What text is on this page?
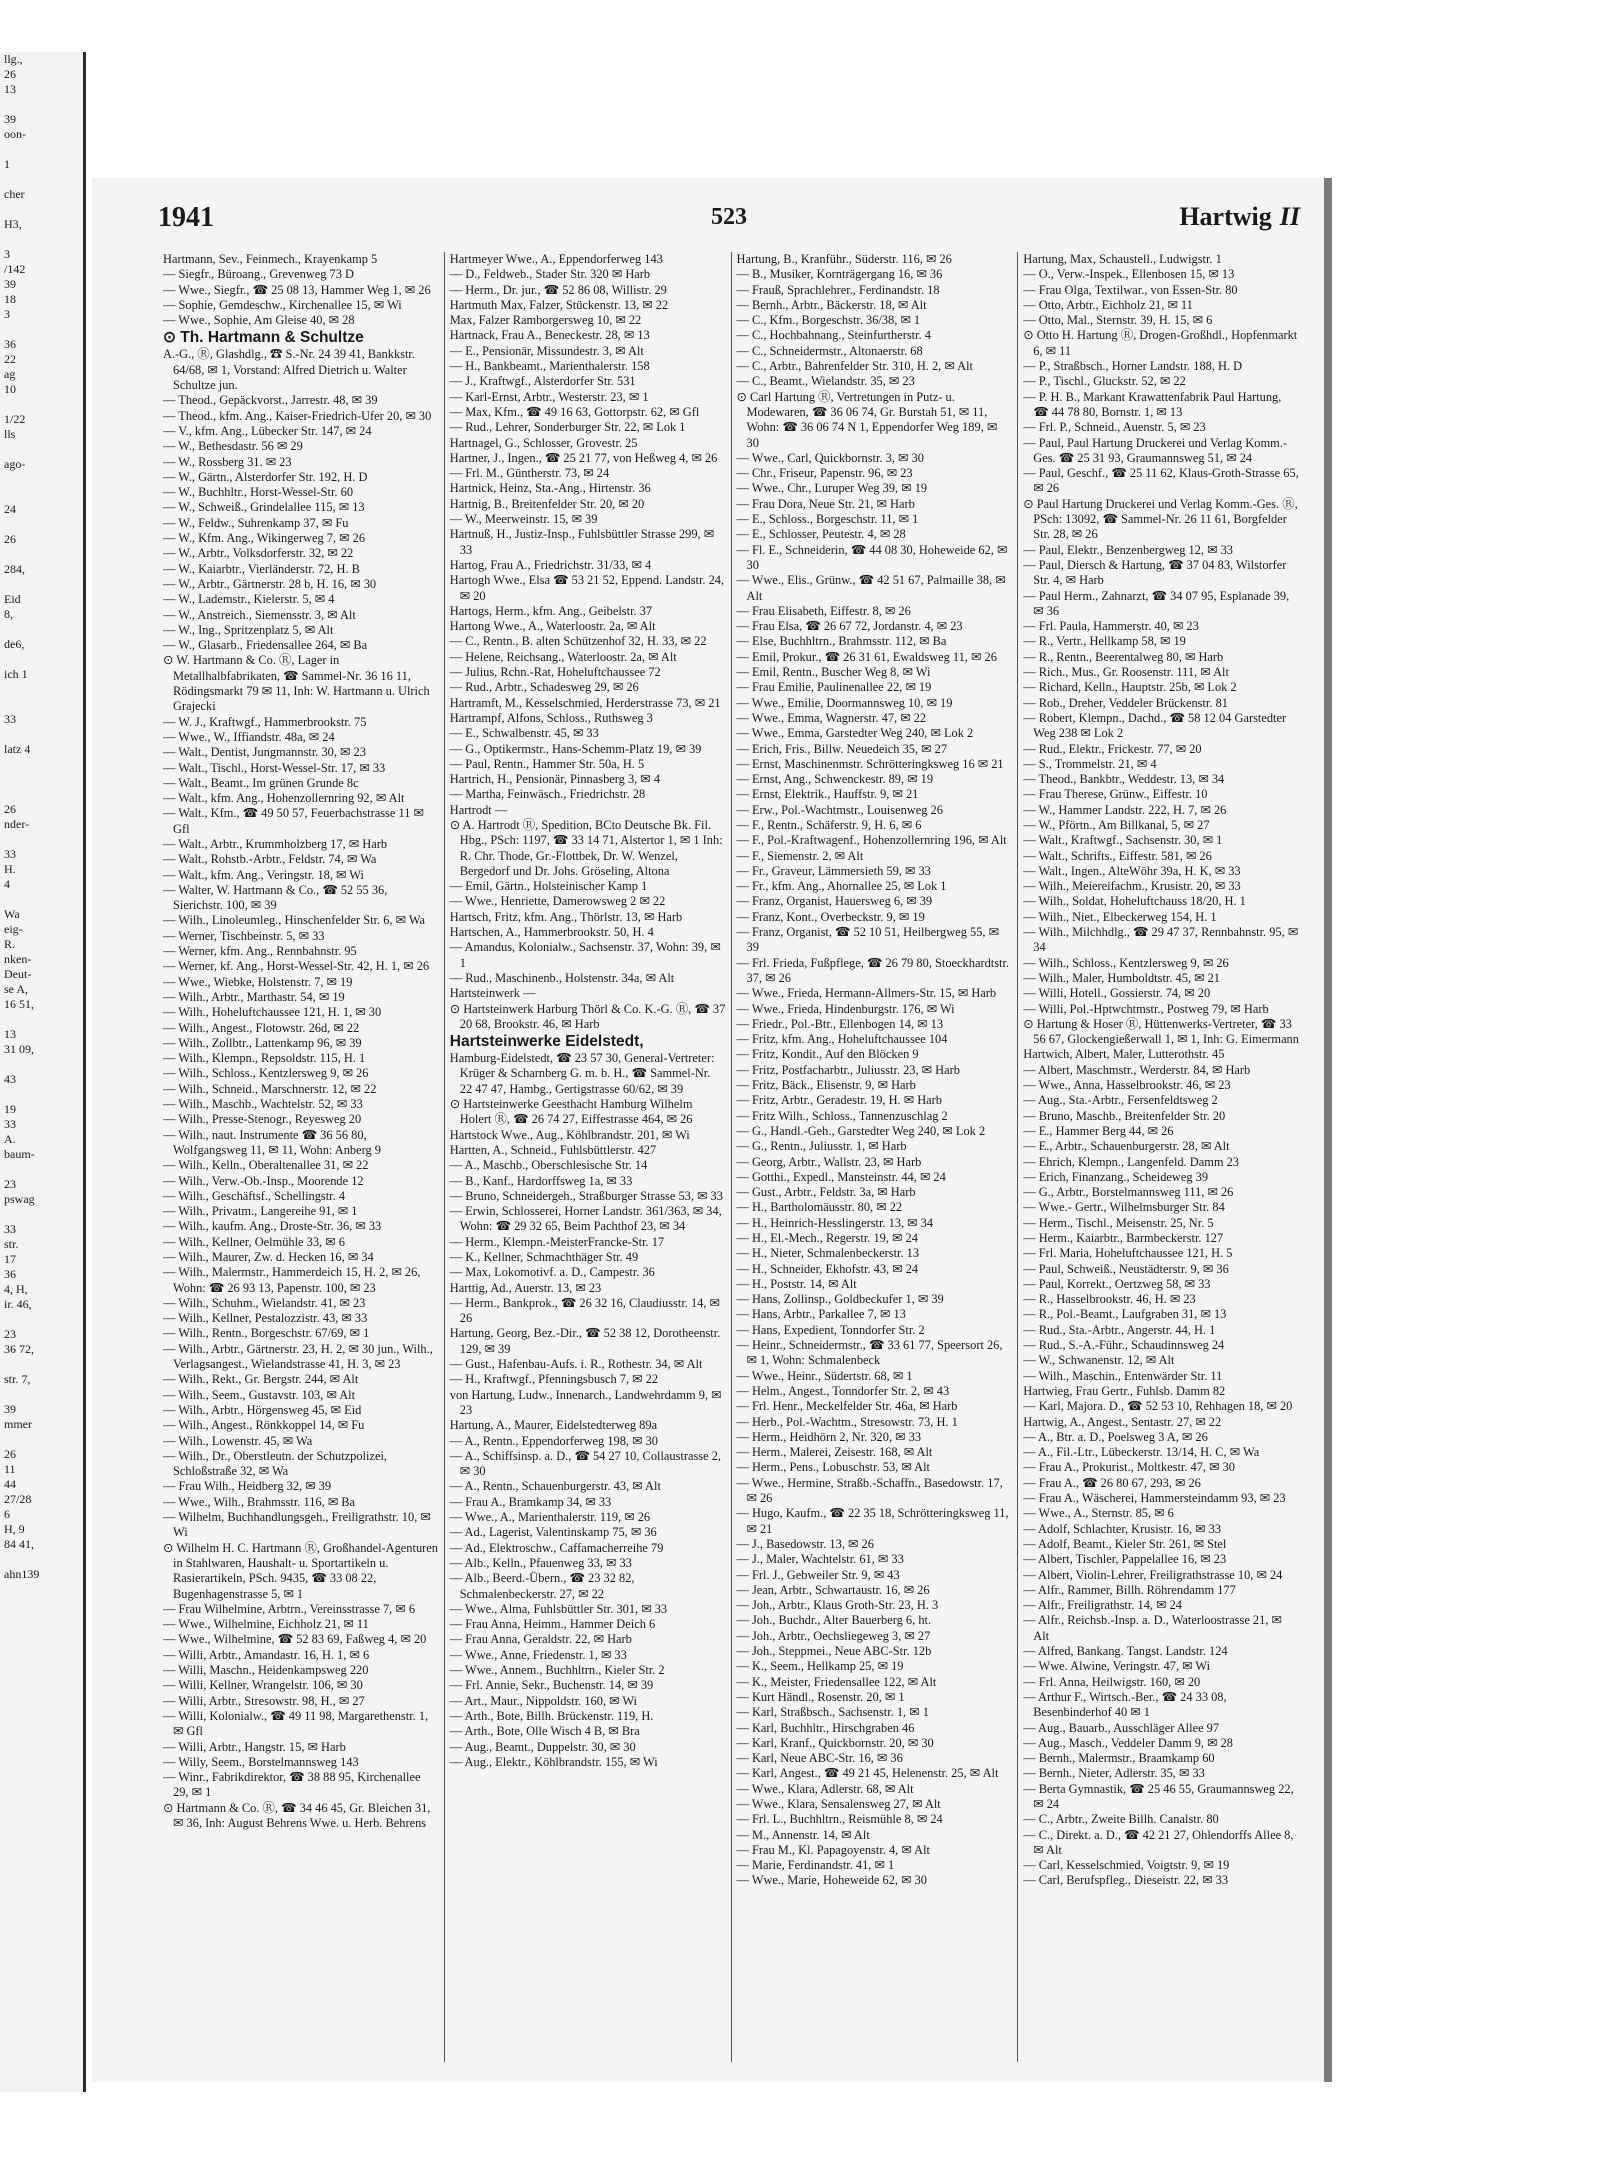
llg.,
26
13

39
oon-

1

cher

H3,

3
/142
39
18
3

36
22
ag
10

1/22
lls

ago-

24

26

284,

Eid
8,

de6,

ich 1

33

latz 4

26
nder-

33
H.
4

Wa
eig-
R.
nken-
Deut-
se A,
16 51,

13
31 09,

43

19
33
A.
baum-

23
pswag

33
str.
17
36
4, H,
ir. 46,

23
36 72,

str. 7,

39
mmer

26
11
44
27/28
6
H, 9
84 41,

ahn139
1941	523	Hartwig II

Hartmann, Sev., Feinmech., Krayenkamp 5

— Siegfr., Büroang., Grevenweg 73 D

— Wwe., Siegfr., ☎ 25 08 13, Hammer Weg 1, ✉ 26

— Sophie, Gemdeschw., Kirchenallee 15, ✉ Wi

— Wwe., Sophie, Am Gleise 40, ✉ 28

⊙ Th. Hartmann & Schultze

A.-G., Ⓡ, Glashdlg., ☎ S.-Nr. 24 39 41, Bankkstr. 64/68, ✉ 1, Vorstand: Alfred Dietrich u. Walter Schultze jun.

— Theod., Gepäckvorst., Jarrestr. 48, ✉ 39

— Theod., kfm. Ang., Kaiser-Friedrich-Ufer 20, ✉ 30

— V., kfm. Ang., Lübecker Str. 147, ✉ 24

— W., Bethesdastr. 56 ✉ 29

— W., Rossberg 31. ✉ 23

— W., Gärtn., Alsterdorfer Str. 192, H. D

— W., Buchhltr., Horst-Wessel-Str. 60

— W., Schweiß., Grindelallee 115, ✉ 13

— W., Feldw., Suhrenkamp 37, ✉ Fu

— W., Kfm. Ang., Wikingerweg 7, ✉ 26

— W., Arbtr., Volksdorferstr. 32, ✉ 22

— W., Kaiarbtr., Vierländerstr. 72, H. B

— W., Arbtr., Gärtnerstr. 28 b, H. 16, ✉ 30

— W., Lademstr., Kielerstr. 5, ✉ 4

— W., Anstreich., Siemensstr. 3, ✉ Alt

— W., Ing., Spritzenplatz 5, ✉ Alt

— W., Glasarb., Friedensallee 264, ✉ Ba

⊙ W. Hartmann & Co. Ⓡ, Lager in Metallhalbfabrikaten, ☎ Sammel-Nr. 36 16 11, Rödingsmarkt 79 ✉ 11, Inh: W. Hartmann u. Ulrich Grajecki

— W. J., Kraftwgf., Hammerbrookstr. 75

— Wwe., W., Iffiandstr. 48a, ✉ 24

— Walt., Dentist, Jungmannstr. 30, ✉ 23

— Walt., Tischl., Horst-Wessel-Str. 17, ✉ 33

— Walt., Beamt., Im grünen Grunde 8c

— Walt., kfm. Ang., Hohenzollernring 92, ✉ Alt

— Walt., Kfm., ☎ 49 50 57, Feuerbachstrasse 11 ✉ Gfl

— Walt., Arbtr., Krummholzberg 17, ✉ Harb

— Walt., Rohstb.-Arbtr., Feldstr. 74, ✉ Wa

— Walt., kfm. Ang., Veringstr. 18, ✉ Wi

— Walter, W. Hartmann & Co., ☎ 52 55 36, Sierichstr. 100, ✉ 39

— Wilh., Linoleumleg., Hinschenfelder Str. 6, ✉ Wa

— Werner, Tischbeinstr. 5, ✉ 33

— Werner, kfm. Ang., Rennbahnstr. 95

— Werner, kf. Ang., Horst-Wessel-Str. 42, H. 1, ✉ 26

— Wwe., Wiebke, Holstenstr. 7, ✉ 19

— Wilh., Arbtr., Marthastr. 54, ✉ 19

— Wilh., Hoheluftchaussee 121, H. 1, ✉ 30

— Wilh., Angest., Flotowstr. 26d, ✉ 22

— Wilh., Zollbtr., Lattenkamp 96, ✉ 39

— Wilh., Klempn., Repsoldstr. 115, H. 1

— Wilh., Schloss., Kentzlersweg 9, ✉ 26

— Wilh., Schneid., Marschnerstr. 12, ✉ 22

— Wilh., Maschb., Wachtelstr. 52, ✉ 33

— Wilh., Presse-Stenogr., Reyesweg 20

— Wilh., naut. Instrumente ☎ 36 56 80, Wolfgangsweg 11, ✉ 11, Wohn: Anberg 9

— Wilh., Kelln., Oberaltenallee 31, ✉ 22

— Wilh., Verw.-Ob.-Insp., Moorende 12

— Wilh., Geschäftsf., Schellingstr. 4

— Wilh., Privatm., Langereihe 91, ✉ 1

— Wilh., kaufm. Ang., Droste-Str. 36, ✉ 33

— Wilh., Kellner, Oelmühle 33, ✉ 6

— Wilh., Maurer, Zw. d. Hecken 16, ✉ 34

— Wilh., Malermstr., Hammerdeich 15, H. 2, ✉ 26, Wohn: ☎ 26 93 13, Papenstr. 100, ✉ 23

— Wilh., Schuhm., Wielandstr. 41, ✉ 23

— Wilh., Kellner, Pestalozzistr. 43, ✉ 33

— Wilh., Rentn., Borgeschstr. 67/69, ✉ 1

— Wilh., Arbtr., Gärtnerstr. 23, H. 2, ✉ 30 jun., Wilh., Verlagsangest., Wielandstrasse 41, H. 3, ✉ 23

— Wilh., Rekt., Gr. Bergstr. 244, ✉ Alt

— Wilh., Seem., Gustavstr. 103, ✉ Alt

— Wilh., Arbtr., Hörgensweg 45, ✉ Eid

— Wilh., Angest., Rönkkoppel 14, ✉ Fu

— Wilh., Lowenstr. 45, ✉ Wa

— Wilh., Dr., Oberstleutn. der Schutzpolizei, Schloßstraße 32, ✉ Wa

— Frau Wilh., Heidberg 32, ✉ 39

— Wwe., Wilh., Brahmsstr. 116, ✉ Ba

— Wilhelm, Buchhandlungsgeh., Freiligrathstr. 10, ✉ Wi

⊙ Wilhelm H. C. Hartmann Ⓡ, Großhandel-Agenturen in Stahlwaren, Haushalt- u. Sportartikeln u. Rasierartikeln, PSch. 9435, ☎ 33 08 22, Bugenhagenstrasse 5, ✉ 1

— Frau Wilhelmine, Arbtrn., Vereinsstrasse 7, ✉ 6

— Wwe., Wilhelmine, Eichholz 21, ✉ 11

— Wwe., Wilhelmine, ☎ 52 83 69, Faßweg 4, ✉ 20

— Willi, Arbtr., Amandastr. 16, H. 1, ✉ 6

— Willi, Maschn., Heidenkampsweg 220

— Willi, Kellner, Wrangelstr. 106, ✉ 30

— Willi, Arbtr., Stresowstr. 98, H., ✉ 27

— Willi, Kolonialw., ☎ 49 11 98, Margarethenstr. 1, ✉ Gfl

— Willi, Arbtr., Hangstr. 15, ✉ Harb

— Willy, Seem., Borstelmannsweg 143

— Winr., Fabrikdirektor, ☎ 38 88 95, Kirchenallee 29, ✉ 1

⊙ Hartmann & Co. Ⓡ, ☎ 34 46 45, Gr. Bleichen 31, ✉ 36, Inh: August Behrens Wwe. u. Herb. Behrens

Hartmeyer Wwe., A., Eppendorferweg 143

— D., Feldweb., Stader Str. 320 ✉ Harb

— Herm., Dr. jur., ☎ 52 86 08, Willistr. 29

Hartmuth Max, Falzer, Stückenstr. 13, ✉ 22

Max, Falzer Ramborgersweg 10, ✉ 22

Hartnack, Frau A., Beneckestr. 28, ✉ 13

— E., Pensionär, Missundestr. 3, ✉ Alt

— H., Bankbeamt., Marienthalerstr. 158

— J., Kraftwgf., Alsterdorfer Str. 531

— Karl-Ernst, Arbtr., Westerstr. 23, ✉ 1

— Max, Kfm., ☎ 49 16 63, Gottorpstr. 62, ✉ Gfl

— Rud., Lehrer, Sonderburger Str. 22, ✉ Lok 1

Hartnagel, G., Schlosser, Grovestr. 25

Hartner, J., Ingen., ☎ 25 21 77, von Heßweg 4, ✉ 26

— Frl. M., Güntherstr. 73, ✉ 24

Hartnick, Heinz, Sta.-Ang., Hirtenstr. 36

Hartnig, B., Breitenfelder Str. 20, ✉ 20

— W., Meerweinstr. 15, ✉ 39

Hartnuß, H., Justiz-Insp., Fuhlsbüttler Strasse 299, ✉ 33

Hartog, Frau A., Friedrichstr. 31/33, ✉ 4

Hartogh Wwe., Elsa ☎ 53 21 52, Eppend. Landstr. 24, ✉ 20

Hartogs, Herm., kfm. Ang., Geibelstr. 37

Hartong Wwe., A., Waterloostr. 2a, ✉ Alt

— C., Rentn., B. alten Schützenhof 32, H. 33, ✉ 22

— Helene, Reichsang., Waterloostr. 2a, ✉ Alt

— Julius, Rchn.-Rat, Hoheluftchaussee 72

— Rud., Arbtr., Schadesweg 29, ✉ 26

Hartramft, M., Kesselschmied, Herderstrasse 73, ✉ 21

Hartrampf, Alfons, Schloss., Ruthsweg 3

— E., Schwalbenstr. 45, ✉ 33

— G., Optikermstr., Hans-Schemm-Platz 19, ✉ 39

— Paul, Rentn., Hammer Str. 50a, H. 5

Hartrich, H., Pensionär, Pinnasberg 3, ✉ 4

— Martha, Feinwäsch., Friedrichstr. 28

Hartrodt —

⊙ A. Hartrodt Ⓡ, Spedition, BCto Deutsche Bk. Fil. Hbg., PSch: 1197, ☎ 33 14 71, Alstertor 1, ✉ 1 Inh: R. Chr. Thode, Gr.-Flottbek, Dr. W. Wenzel, Bergedorf und Dr. Johs. Gröseling, Altona

— Emil, Gärtn., Holsteinischer Kamp 1

— Wwe., Henriette, Damerowsweg 2 ✉ 22

Hartsch, Fritz, kfm. Ang., Thörlstr. 13, ✉ Harb

Hartschen, A., Hammerbrookstr. 50, H. 4

— Amandus, Kolonialw., Sachsenstr. 37, Wohn: 39, ✉ 1

— Rud., Maschinenb., Holstenstr. 34a, ✉ Alt

Hartsteinwerk —

⊙ Hartsteinwerk Harburg Thörl & Co. K.-G. Ⓡ, ☎ 37 20 68, Brookstr. 46, ✉ Harb

Hartsteinwerke Eidelstedt,

Hamburg-Eidelstedt, ☎ 23 57 30, General-Vertreter: Krüger & Scharnberg G. m. b. H., ☎ Sammel-Nr. 22 47 47, Hambg., Gertigstrasse 60/62, ✉ 39

⊙ Hartsteinwerke Geesthacht Hamburg Wilhelm Holert Ⓡ, ☎ 26 74 27, Eiffestrasse 464, ✉ 26

Hartstock Wwe., Aug., Köhlbrandstr. 201, ✉ Wi

Hartten, A., Schneid., Fuhlsbüttlerstr. 427

— A., Maschb., Oberschlesische Str. 14

— B., Kanf., Hardorffsweg 1a, ✉ 33

— Bruno, Schneidergeh., Straßburger Strasse 53, ✉ 33

— Erwin, Schlosserei, Horner Landstr. 361/363, ✉ 34, Wohn: ☎ 29 32 65, Beim Pachthof 23, ✉ 34

— Herm., Klempn.-MeisterFrancke-Str. 17

— K., Kellner, Schmachthäger Str. 49

— Max, Lokomotivf. a. D., Campestr. 36

Harttig, Ad., Auerstr. 13, ✉ 23

— Herm., Bankprok., ☎ 26 32 16, Claudiusstr. 14, ✉ 26

Hartung, Georg, Bez.-Dir., ☎ 52 38 12, Dorotheenstr. 129, ✉ 39

— Gust., Hafenbau-Aufs. i. R., Rothestr. 34, ✉ Alt

— H., Kraftwgf., Pfenningsbusch 7, ✉ 22

von Hartung, Ludw., Innenarch., Landwehrdamm 9, ✉ 23

Hartung, A., Maurer, Eidelstedterweg 89a

— A., Rentn., Eppendorferweg 198, ✉ 30

— A., Schiffsinsp. a. D., ☎ 54 27 10, Collaustrasse 2, ✉ 30

— A., Rentn., Schauenburgerstr. 43, ✉ Alt

— Frau A., Bramkamp 34, ✉ 33

— Wwe., A., Marienthalerstr. 119, ✉ 26

— Ad., Lagerist, Valentinskamp 75, ✉ 36

— Ad., Elektroschw., Caffamacherreihe 79

— Alb., Kelln., Pfauenweg 33, ✉ 33

— Alb., Beerd.-Übern., ☎ 23 32 82, Schmalenbeckerstr. 27, ✉ 22

— Wwe., Alma, Fuhlsbüttler Str. 301, ✉ 33

— Frau Anna, Heimm., Hammer Deich 6

— Frau Anna, Geraldstr. 22, ✉ Harb

— Wwe., Anne, Friedenstr. 1, ✉ 33

— Wwe., Annem., Buchhltrn., Kieler Str. 2

— Frl. Annie, Sekr., Buchenstr. 14, ✉ 39

— Art., Maur., Nippoldstr. 160, ✉ Wi

— Arth., Bote, Billh. Brückenstr. 119, H.

— Arth., Bote, Olle Wisch 4 B, ✉ Bra

— Aug., Beamt., Duppelstr. 30, ✉ 30

— Aug., Elektr., Köhlbrandstr. 155, ✉ Wi

Hartung, B., Kranführ., Süderstr. 116, ✉ 26

— B., Musiker, Kornträgergang 16, ✉ 36

— Frauß, Sprachlehrer., Ferdinandstr. 18

— Bernh., Arbtr., Bäckerstr. 18, ✉ Alt

— C., Kfm., Borgeschstr. 36/38, ✉ 1

— C., Hochbahnang., Steinfurtherstr. 4

— C., Schneidermstr., Altonaerstr. 68

— C., Arbtr., Bahrenfelder Str. 310, H. 2, ✉ Alt

— C., Beamt., Wielandstr. 35, ✉ 23

⊙ Carl Hartung Ⓡ, Vertretungen in Putz- u. Modewaren, ☎ 36 06 74, Gr. Burstah 51, ✉ 11, Wohn: ☎ 36 06 74 N 1, Eppendorfer Weg 189, ✉ 30

— Wwe., Carl, Quickbornstr. 3, ✉ 30

— Chr., Friseur, Papenstr. 96, ✉ 23

— Wwe., Chr., Luruper Weg 39, ✉ 19

— Frau Dora, Neue Str. 21, ✉ Harb

— E., Schloss., Borgeschstr. 11, ✉ 1

— E., Schlosser, Peutestr. 4, ✉ 28

— Fl. E., Schneiderin, ☎ 44 08 30, Hoheweide 62, ✉ 30

— Wwe., Elis., Grünw., ☎ 42 51 67, Palmaille 38, ✉ Alt

— Frau Elisabeth, Eiffestr. 8, ✉ 26

— Frau Elsa, ☎ 26 67 72, Jordanstr. 4, ✉ 23

— Else, Buchhltrn., Brahmsstr. 112, ✉ Ba

— Emil, Prokur., ☎ 26 31 61, Ewaldsweg 11, ✉ 26

— Emil, Rentn., Buscher Weg 8, ✉ Wi

— Frau Emilie, Paulinenallee 22, ✉ 19

— Wwe., Emilie, Doormannsweg 10, ✉ 19

— Wwe., Emma, Wagnerstr. 47, ✉ 22

— Wwe., Emma, Garstedter Weg 240, ✉ Lok 2

— Erich, Fris., Billw. Neuedeich 35, ✉ 27

— Ernst, Maschinenmstr. Schrötteringksweg 16 ✉ 21

— Ernst, Ang., Schwenckestr. 89, ✉ 19

— Ernst, Elektrik., Hauffstr. 9, ✉ 21

— Erw., Pol.-Wachtmstr., Louisenweg 26

— F., Rentn., Schäferstr. 9, H. 6, ✉ 6

— F., Pol.-Kraftwagenf., Hohenzollernring 196, ✉ Alt

— F., Siemenstr. 2, ✉ Alt

— Fr., Graveur, Lämmersieth 59, ✉ 33

— Fr., kfm. Ang., Ahornallee 25, ✉ Lok 1

— Franz, Organist, Hauersweg 6, ✉ 39

— Franz, Kont., Overbeckstr. 9, ✉ 19

— Franz, Organist, ☎ 52 10 51, Heilbergweg 55, ✉ 39

— Frl. Frieda, Fußpflege, ☎ 26 79 80, Stoeckhardtstr. 37, ✉ 26

— Wwe., Frieda, Hermann-Allmers-Str. 15, ✉ Harb

— Wwe., Frieda, Hindenburgstr. 176, ✉ Wi

— Friedr., Pol.-Btr., Ellenbogen 14, ✉ 13

— Fritz, kfm. Ang., Hoheluftchaussee 104

— Fritz, Kondit., Auf den Blöcken 9

— Fritz, Postfacharbtr., Juliusstr. 23, ✉ Harb

— Fritz, Bäck., Elisenstr. 9, ✉ Harb

— Fritz, Arbtr., Geradestr. 19, H. ✉ Harb

— Fritz Wilh., Schloss., Tannenzuschlag 2

— G., Handl.-Geh., Garstedter Weg 240, ✉ Lok 2

— G., Rentn., Juliusstr. 1, ✉ Harb

— Georg, Arbtr., Wallstr. 23, ✉ Harb

— Gotthi., Expedl., Mansteinstr. 44, ✉ 24

— Gust., Arbtr., Feldstr. 3a, ✉ Harb

— H., Bartholomäusstr. 80, ✉ 22

— H., Heinrich-Hesslingerstr. 13, ✉ 34

— H., El.-Mech., Regerstr. 19, ✉ 24

— H., Nieter, Schmalenbeckerstr. 13

— H., Schneider, Ekhofstr. 43, ✉ 24

— H., Poststr. 14, ✉ Alt

— Hans, Zollinsp., Goldbeckufer 1, ✉ 39

— Hans, Arbtr., Parkallee 7, ✉ 13

— Hans, Expedient, Tonndorfer Str. 2

— Heinr., Schneidermstr., ☎ 33 61 77, Speersort 26, ✉ 1, Wohn: Schmalenbeck

— Wwe., Heinr., Südertstr. 68, ✉ 1

— Helm., Angest., Tonndorfer Str. 2, ✉ 43

— Frl. Henr., Meckelfelder Str. 46a, ✉ Harb

— Herb., Pol.-Wachtm., Stresowstr. 73, H. 1

— Herm., Heidhörn 2, Nr. 320, ✉ 33

— Herm., Malerei, Zeisestr. 168, ✉ Alt

— Herm., Pens., Lobuschstr. 53, ✉ Alt

— Wwe., Hermine, Straßb.-Schaffn., Basedowstr. 17, ✉ 26

— Hugo, Kaufm., ☎ 22 35 18, Schrötteringksweg 11, ✉ 21

— J., Basedowstr. 13, ✉ 26

— J., Maler, Wachtelstr. 61, ✉ 33

— Frl. J., Gebweiler Str. 9, ✉ 43

— Jean, Arbtr., Schwartaustr. 16, ✉ 26

— Joh., Arbtr., Klaus Groth-Str. 23, H. 3

— Joh., Buchdr., Alter Bauerberg 6, ht.

— Joh., Arbtr., Oechsliegeweg 3, ✉ 27

— Joh., Steppmei., Neue ABC-Str. 12b

— K., Seem., Hellkamp 25, ✉ 19

— K., Meister, Friedensallee 122, ✉ Alt

— Kurt Händl., Rosenstr. 20, ✉ 1

— Karl, Straßbsch., Sachsenstr. 1, ✉ 1

— Karl, Buchhltr., Hirschgraben 46

— Karl, Kranf., Quickbornstr. 20, ✉ 30

— Karl, Neue ABC-Str. 16, ✉ 36

— Karl, Angest., ☎ 49 21 45, Helenenstr. 25, ✉ Alt

— Wwe., Klara, Adlerstr. 68, ✉ Alt

— Wwe., Klara, Sensalensweg 27, ✉ Alt

— Frl. L., Buchhltrn., Reismühle 8, ✉ 24

— M., Annenstr. 14, ✉ Alt

— Frau M., Kl. Papagoyenstr. 4, ✉ Alt

— Marie, Ferdinandstr. 41, ✉ 1

— Wwe., Marie, Hoheweide 62, ✉ 30

Hartung, Max, Schaustell., Ludwigstr. 1

— O., Verw.-Inspek., Ellenbosen 15, ✉ 13

— Frau Olga, Textilwar., von Essen-Str. 80

— Otto, Arbtr., Eichholz 21, ✉ 11

— Otto, Mal., Sternstr. 39, H. 15, ✉ 6

⊙ Otto H. Hartung Ⓡ, Drogen-Großhdl., Hopfenmarkt 6, ✉ 11

— P., Straßbsch., Horner Landstr. 188, H. D

— P., Tischl., Gluckstr. 52, ✉ 22

— P. H. B., Markant Krawattenfabrik Paul Hartung, ☎ 44 78 80, Bornstr. 1, ✉ 13

— Frl. P., Schneid., Auenstr. 5, ✉ 23

— Paul, Paul Hartung Druckerei und Verlag Komm.-Ges. ☎ 25 31 93, Graumannsweg 51, ✉ 24

— Paul, Geschf., ☎ 25 11 62, Klaus-Groth-Strasse 65, ✉ 26

⊙ Paul Hartung Druckerei und Verlag Komm.-Ges. Ⓡ, PSch: 13092, ☎ Sammel-Nr. 26 11 61, Borgfelder Str. 28, ✉ 26

— Paul, Elektr., Benzenbergweg 12, ✉ 33

— Paul, Diersch & Hartung, ☎ 37 04 83, Wilstorfer Str. 4, ✉ Harb

— Paul Herm., Zahnarzt, ☎ 34 07 95, Esplanade 39, ✉ 36

— Frl. Paula, Hammerstr. 40, ✉ 23

— R., Vertr., Hellkamp 58, ✉ 19

— R., Rentn., Beerentalweg 80, ✉ Harb

— Rich., Mus., Gr. Roosenstr. 111, ✉ Alt

— Richard, Kelln., Hauptstr. 25b, ✉ Lok 2

— Rob., Dreher, Veddeler Brückenstr. 81

— Robert, Klempn., Dachd., ☎ 58 12 04 Garstedter Weg 238 ✉ Lok 2

— Rud., Elektr., Frickestr. 77, ✉ 20

— S., Trommelstr. 21, ✉ 4

— Theod., Bankbtr., Weddestr. 13, ✉ 34

— Frau Therese, Grünw., Eiffestr. 10

— W., Hammer Landstr. 222, H. 7, ✉ 26

— W., Pförtn., Am Billkanal, 5, ✉ 27

— Walt., Kraftwgf., Sachsenstr. 30, ✉ 1

— Walt., Schrifts., Eiffestr. 581, ✉ 26

— Walt., Ingen., AlteWöhr 39a, H. K, ✉ 33

— Wilh., Meiereifachm., Krusistr. 20, ✉ 33

— Wilh., Soldat, Hoheluftchauss 18/20, H. 1

— Wilh., Niet., Elbeckerweg 154, H. 1

— Wilh., Milchhdlg., ☎ 29 47 37, Rennbahnstr. 95, ✉ 34

— Wilh., Schloss., Kentzlersweg 9, ✉ 26

— Wilh., Maler, Humboldtstr. 45, ✉ 21

— Willi, Hotell., Gossierstr. 74, ✉ 20

— Willi, Pol.-Hptwchtmstr., Postweg 79, ✉ Harb

⊙ Hartung & Hoser Ⓡ, Hüttenwerks-Vertreter, ☎ 33 56 67, Glockengießerwall 1, ✉ 1, Inh: G. Eimermann

Hartwich, Albert, Maler, Lutterothstr. 45

— Albert, Maschmstr., Werderstr. 84, ✉ Harb

— Wwe., Anna, Hasselbrookstr. 46, ✉ 23

— Aug., Sta.-Arbtr., Fersenfeldtsweg 2

— Bruno, Maschb., Breitenfelder Str. 20

— E., Hammer Berg 44, ✉ 26

— E., Arbtr., Schauenburgerstr. 28, ✉ Alt

— Ehrich, Klempn., Langenfeld. Damm 23

— Erich, Finanzang., Scheideweg 39

— G., Arbtr., Borstelmannsweg 111, ✉ 26

— Wwe.- Gertr., Wilhelmsburger Str. 84

— Herm., Tischl., Meisenstr. 25, Nr. 5

— Herm., Kaiarbtr., Barmbeckerstr. 127

— Frl. Maria, Hoheluftchaussee 121, H. 5

— Paul, Schweiß., Neustädterstr. 9, ✉ 36

— Paul, Korrekt., Oertzweg 58, ✉ 33

— R., Hasselbrookstr. 46, H. ✉ 23

— R., Pol.-Beamt., Laufgraben 31, ✉ 13

— Rud., Sta.-Arbtr., Angerstr. 44, H. 1

— Rud., S.-A.-Führ., Schaudinnsweg 24

— W., Schwanenstr. 12, ✉ Alt

— Wilh., Maschin., Entenwärder Str. 11

Hartwieg, Frau Gertr., Fuhlsb. Damm 82

— Karl, Majora. D., ☎ 52 53 10, Rehhagen 18, ✉ 20

Hartwig, A., Angest., Sentastr. 27, ✉ 22

— A., Btr. a. D., Poelsweg 3 A, ✉ 26

— A., Fil.-Ltr., Lübeckerstr. 13/14, H. C, ✉ Wa

— Frau A., Prokurist., Moltkestr. 47, ✉ 30

— Frau A., ☎ 26 80 67, 293, ✉ 26

— Frau A., Wäscherei, Hammersteindamm 93, ✉ 23

— Wwe., A., Sternstr. 85, ✉ 6

— Adolf, Schlachter, Krusistr. 16, ✉ 33

— Adolf, Beamt., Kieler Str. 261, ✉ Stel

— Albert, Tischler, Pappelallee 16, ✉ 23

— Albert, Violin-Lehrer, Freiligrathstrasse 10, ✉ 24

— Alfr., Rammer, Billh. Röhrendamm 177

— Alfr., Freiligrathstr. 14, ✉ 24

— Alfr., Reichsb.-Insp. a. D., Waterloostrasse 21, ✉ Alt

— Alfred, Bankang. Tangst. Landstr. 124

— Wwe. Alwine, Veringstr. 47, ✉ Wi

— Frl. Anna, Heilwigstr. 160, ✉ 20

— Arthur F., Wirtsch.-Ber., ☎ 24 33 08, Besenbinderhof 40 ✉ 1

— Aug., Bauarb., Ausschläger Allee 97

— Aug., Masch., Veddeler Damm 9, ✉ 28

— Bernh., Malermstr., Braamkamp 60

— Bernh., Nieter, Adlerstr. 35, ✉ 33

— Berta Gymnastik, ☎ 25 46 55, Graumannsweg 22, ✉ 24

— C., Arbtr., Zweite Billh. Canalstr. 80

— C., Direkt. a. D., ☎ 42 21 27, Ohlendorffs Allee 8, ✉ Alt

— Carl, Kesselschmied, Voigtstr. 9, ✉ 19

— Carl, Berufspfleg., Dieseistr. 22, ✉ 33
